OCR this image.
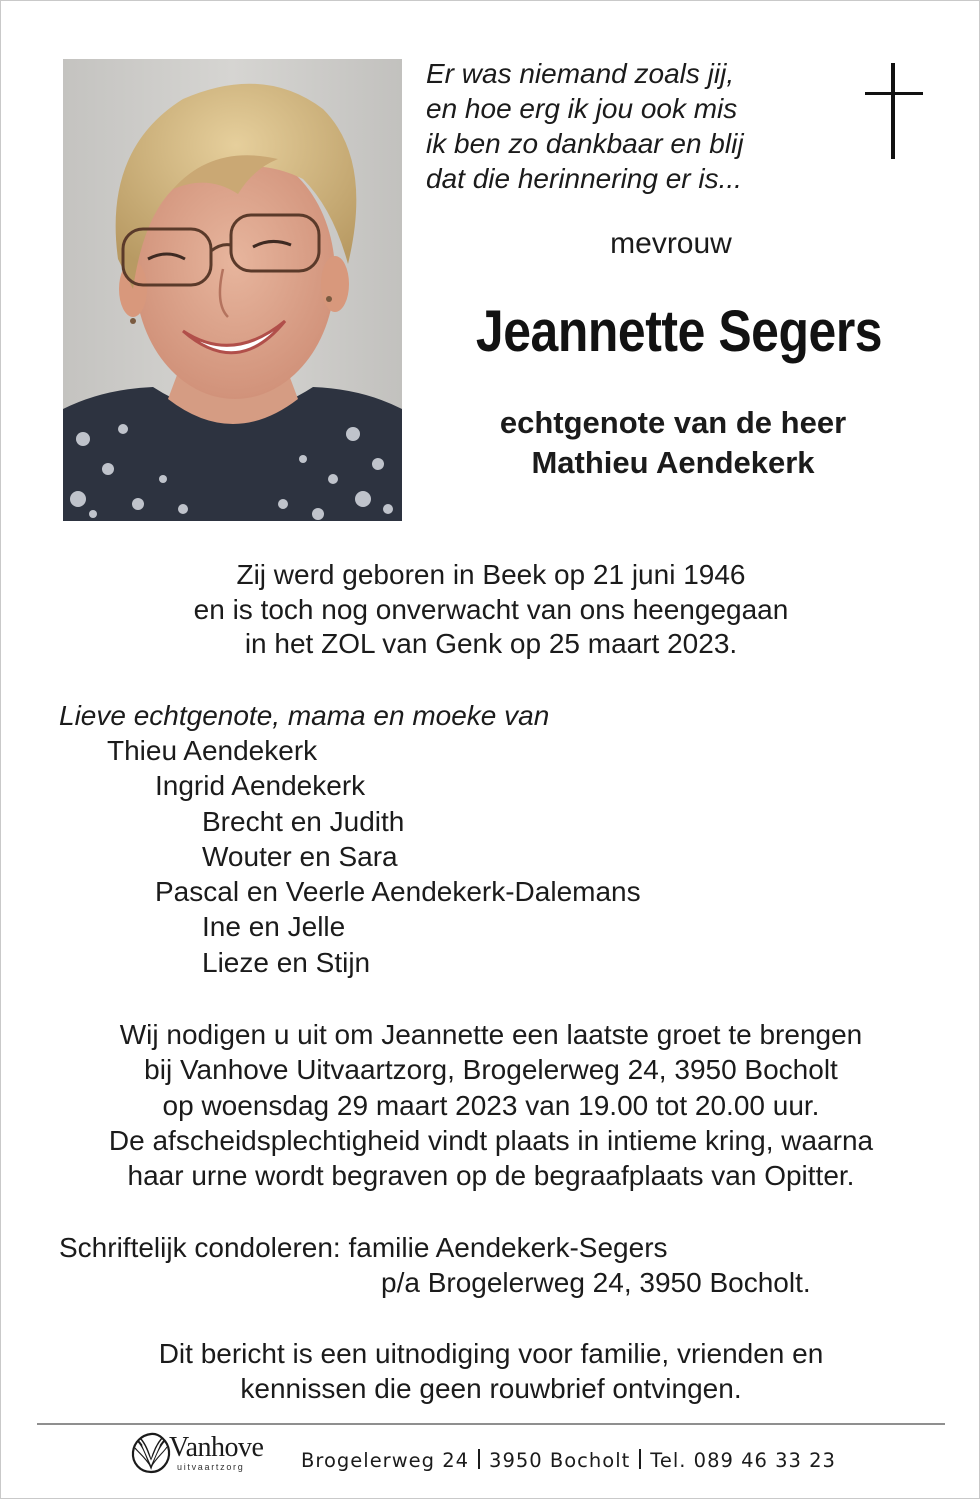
Er was niemand zoals jij,
en hoe erg ik jou ook mis
ik ben zo dankbaar en blij
dat die herinnering er is...
mevrouw
Jeannette Segers
echtgenote van de heer
Mathieu Aendekerk
Zij werd geboren in Beek op 21 juni 1946
en is toch nog onverwacht van ons heengegaan
in het ZOL van Genk op 25 maart 2023.
Lieve echtgenote, mama en moeke van
Thieu Aendekerk
Ingrid Aendekerk
Brecht en Judith
Wouter en Sara
Pascal en Veerle Aendekerk-Dalemans
Ine en Jelle
Lieze en Stijn
Wij nodigen u uit om Jeannette een laatste groet te brengen
bij Vanhove Uitvaartzorg, Brogelerweg 24, 3950 Bocholt
op woensdag 29 maart 2023 van 19.00 tot 20.00 uur.
De afscheidsplechtigheid vindt plaats in intieme kring, waarna
haar urne wordt begraven op de begraafplaats van Opitter.
Schriftelijk condoleren: familie Aendekerk-Segers
p/a Brogelerweg 24, 3950 Bocholt.
Dit bericht is een uitnodiging voor familie, vrienden en
kennissen die geen rouwbrief ontvingen.
Vanhove
uitvaartzorg	Brogelerweg 24 3950 Bocholt Tel. 089 46 33 23
